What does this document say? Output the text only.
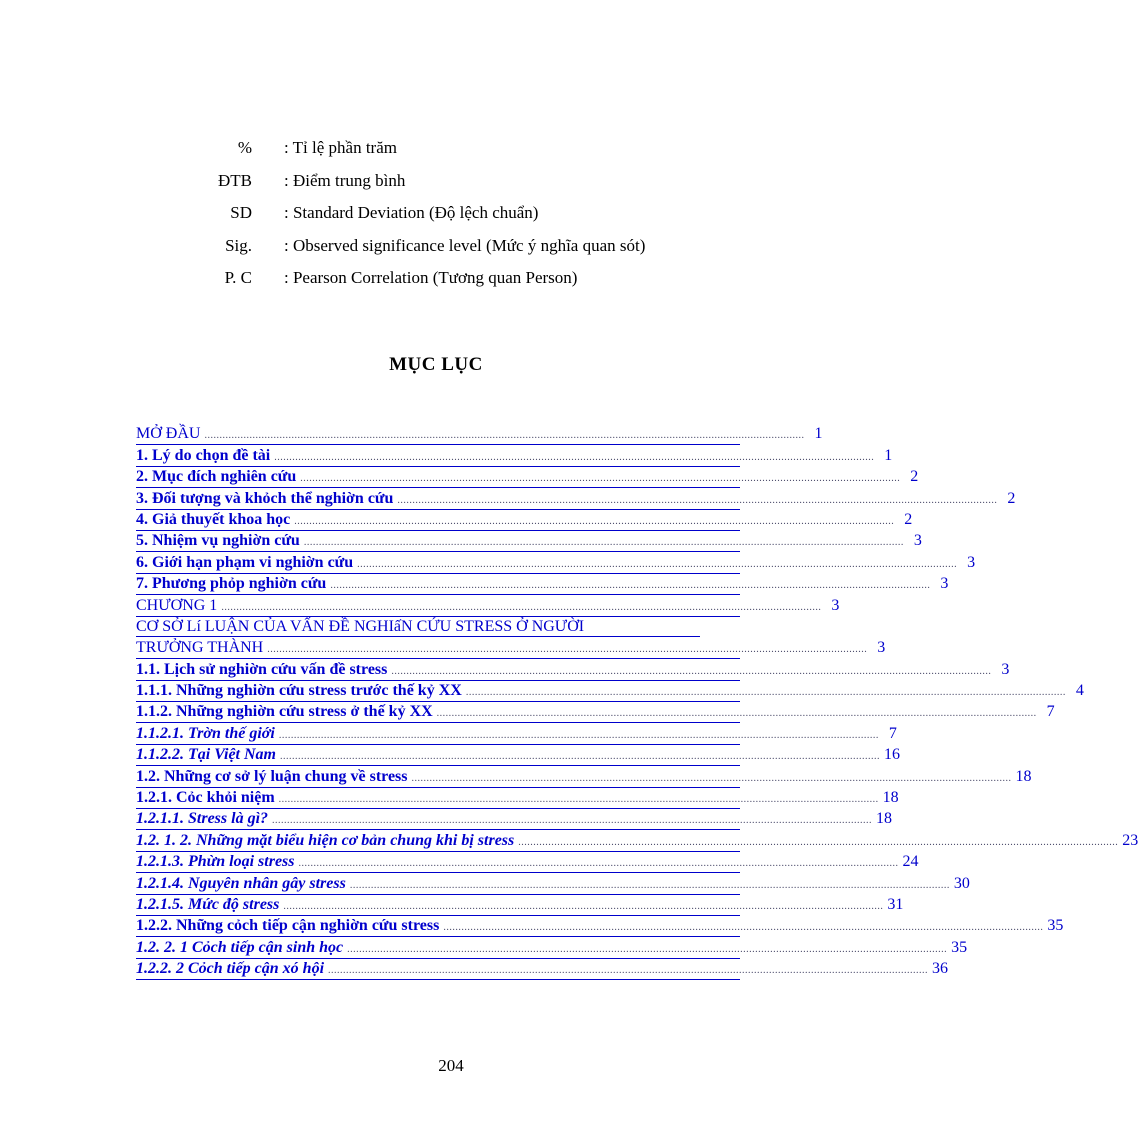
%	: Tỉ lệ phần trăm
ĐTB	: Điểm trung bình
SD	: Standard Deviation (Độ lệch chuẩn)
Sig.	: Observed significance level (Mức ý nghĩa quan sót)
P. C	: Pearson Correlation (Tương quan Person)
MỤC LỤC
MỞ ĐẦU ........................................................................................................................................................................................................ 1
1. Lý do chọn đề tài ........................................................................................................................................................................................................ 1
2. Mục đích nghiên cứu ........................................................................................................................................................................................................ 2
3. Đối tượng và khỏch thể nghiờn cứu ........................................................................................................................................................................................................ 2
4. Giả thuyết khoa học ........................................................................................................................................................................................................ 2
5. Nhiệm vụ nghiờn cứu ........................................................................................................................................................................................................ 3
6. Giới hạn phạm vi nghiờn cứu ........................................................................................................................................................................................................ 3
7. Phương phỏp nghiờn cứu ........................................................................................................................................................................................................ 3
CHƯƠNG 1 ........................................................................................................................................................................................................ 3
CƠ SỞ Lí LUẬN CỦA VẤN ĐỀ NGHIấN CỨU STRESS Ở NGƯỜI
TRƯỞNG THÀNH ........................................................................................................................................................................................................ 3
1.1. Lịch sử nghiờn cứu vấn đề stress ........................................................................................................................................................................................................ 3
1.1.1. Những nghiờn cứu stress trước thế kỷ XX ........................................................................................................................................................................................................ 4
1.1.2. Những nghiờn cứu stress ở thế kỷ XX ........................................................................................................................................................................................................ 7
1.1.2.1. Trờn thế giới ........................................................................................................................................................................................................ 7
1.1.2.2. Tại Việt Nam ........................................................................................................................................................................................................ 16
1.2. Những cơ sở lý luận chung về stress ........................................................................................................................................................................................................ 18
1.2.1. Cỏc khỏi niệm ........................................................................................................................................................................................................ 18
1.2.1.1. Stress là gì? ........................................................................................................................................................................................................ 18
1.2. 1. 2. Những mặt biểu hiện cơ bản chung khi bị stress ........................................................................................................................................................................................................ 23
1.2.1.3. Phừn loại stress ........................................................................................................................................................................................................ 24
1.2.1.4. Nguyên nhân gây stress ........................................................................................................................................................................................................ 30
1.2.1.5. Mức độ stress ........................................................................................................................................................................................................ 31
1.2.2. Những cỏch tiếp cận nghiờn cứu stress ........................................................................................................................................................................................................ 35
1.2. 2. 1 Cỏch tiếp cận sinh học ........................................................................................................................................................................................................ 35
1.2.2. 2 Cỏch tiếp cận xó hội ........................................................................................................................................................................................................ 36
204
